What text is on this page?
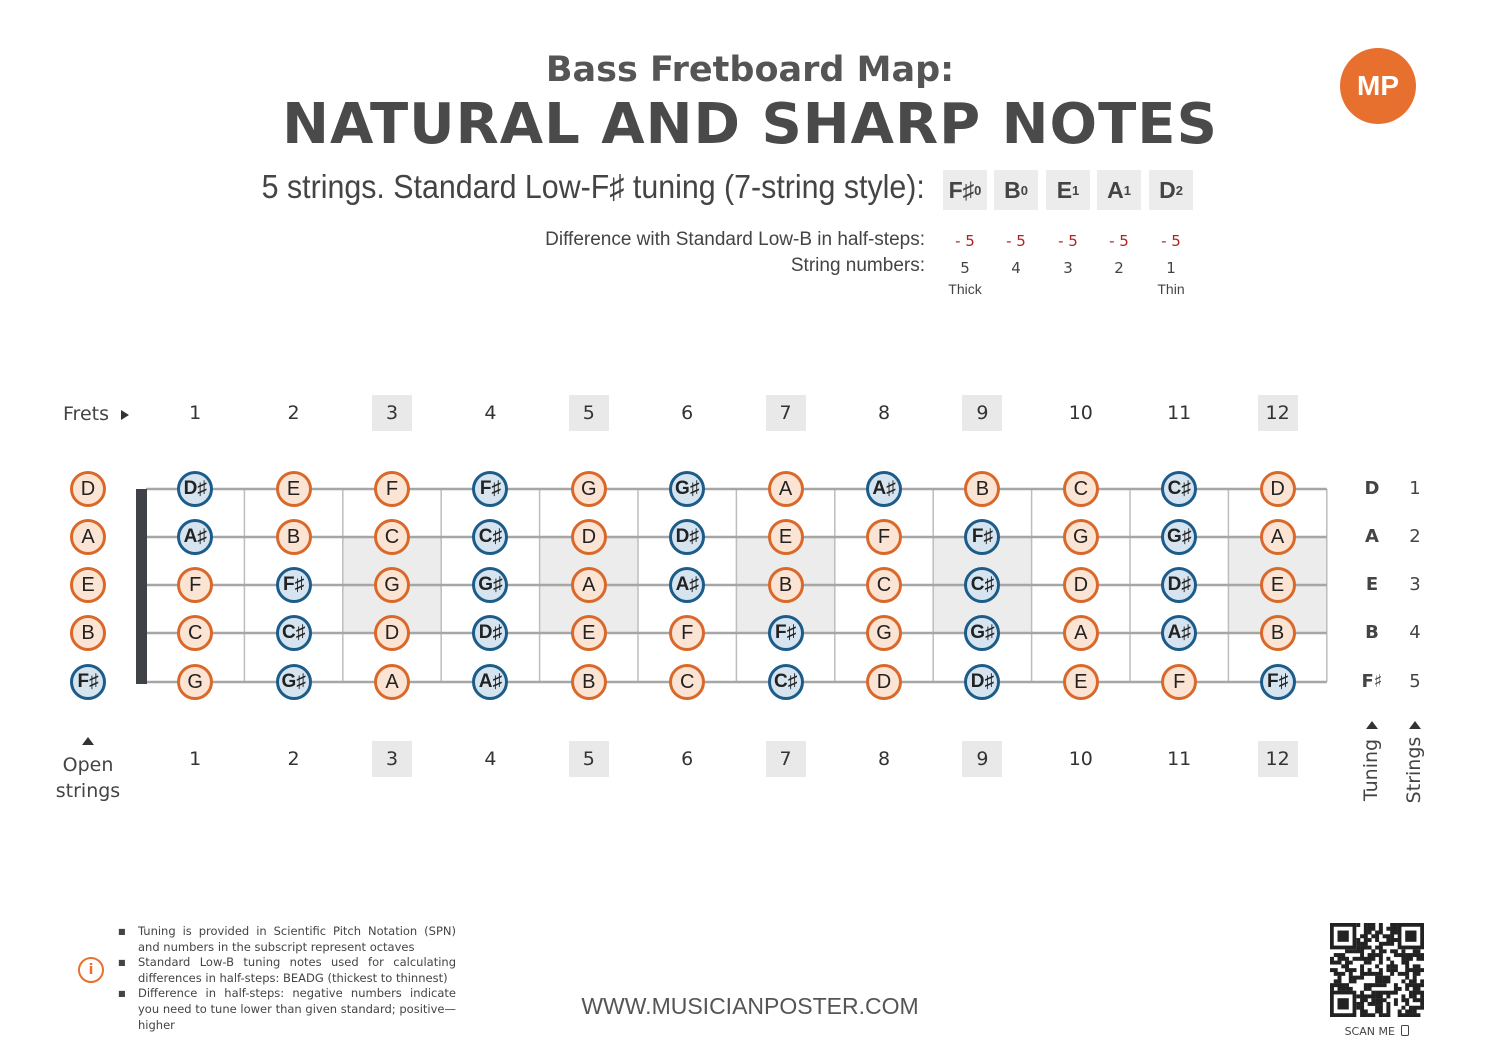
Bass Fretboard Map:
NATURAL AND SHARP NOTES
MP
5 strings. Standard Low-F♯ tuning (7-string style): F♯ 0 B 0	E 1	A 1	D 2
Difference with Standard Low-B in half-steps:
String numbers:
- 5	- 5	- 5	- 5	- 5
5	4	3	2	1
Thick	Thin
Frets	1	2	3	4	5	6	7	8	9	10	11	12
1	2	3	4	5	6	7	8	9	10	11	12
D	D♯	E	F	F♯	G	G♯	A	A♯	B	C	C♯	D	D	1
A	A♯	B	C	C♯	D	D♯	E	F	F♯	G	G♯	A	A	2
E	F	F♯	G	G♯	A	A♯	B	C	C♯	D	D♯	E	E	3
B	C	C♯	D	D♯	E	F	F♯	G	G♯	A	A♯	B	B	4
F♯	G	G♯	A	A♯	B	C	C♯	D	D♯	E	F	F♯	F♯	5
Open strings	Tuning Strings
i
■ Tuning is provided in Scientific Pitch Notation (SPN) and numbers in the subscript represent octaves
■ Standard Low-B tuning notes used for calculating differences in half-steps: BEADG (thickest to thinnest)
■ Difference in half-steps: negative numbers indicate you need to tune lower than given standard; positive—higher
WWW.MUSICIANPOSTER.COM
SCAN ME
